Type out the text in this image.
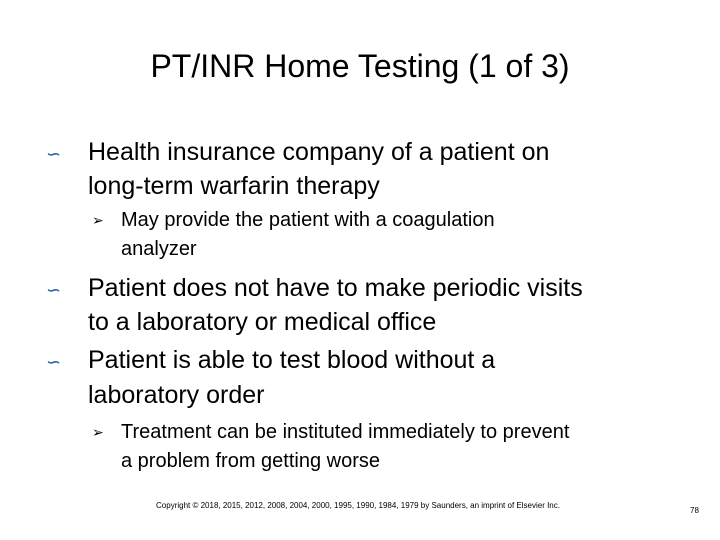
PT/INR Home Testing (1 of 3)
∽ Health insurance company of a patient on
long-term warfarin therapy
➢ May provide the patient with a coagulation
analyzer
∽ Patient does not have to make periodic visits
to a laboratory or medical office
∽ Patient is able to test blood without a
laboratory order
➢ Treatment can be instituted immediately to prevent
a problem from getting worse
Copyright © 2018, 2015, 2012, 2008, 2004, 2000, 1995, 1990, 1984, 1979 by Saunders, an imprint of Elsevier Inc.
78
